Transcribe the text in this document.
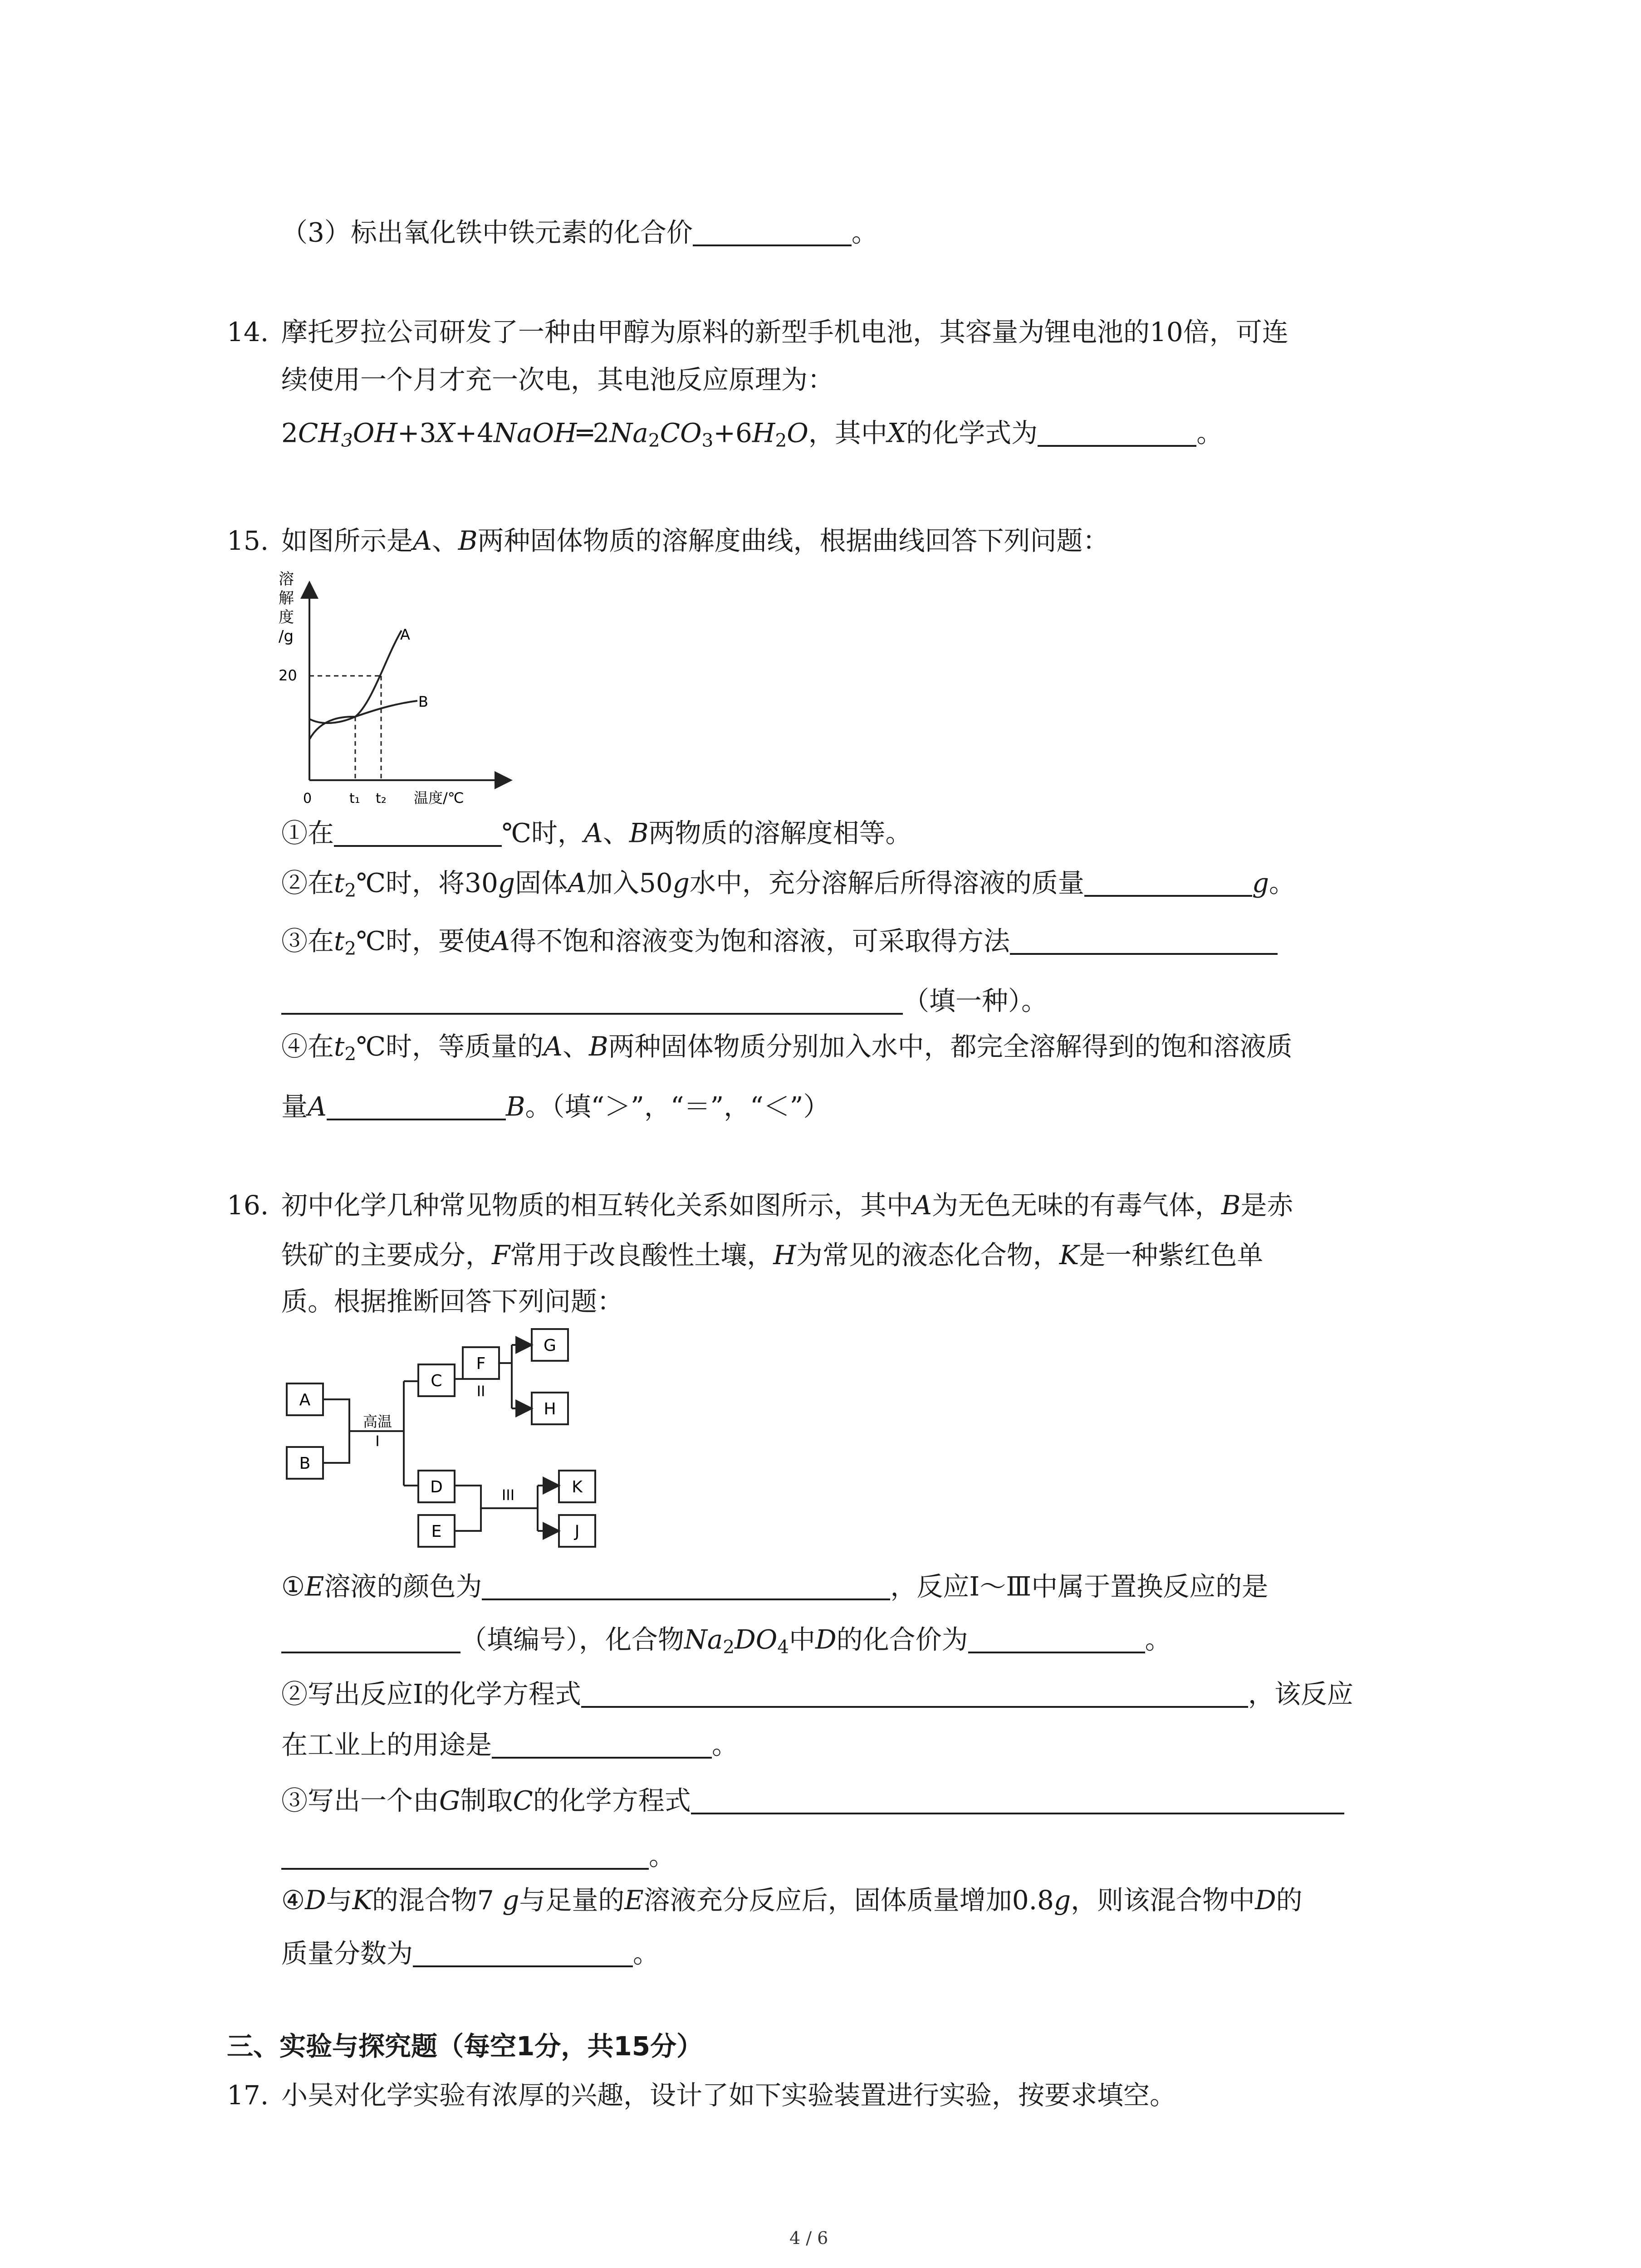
（3）标出氧化铁中铁元素的化合价	。
14. 摩托罗拉公司研发了一种由甲醇为原料的新型手机电池，其容量为锂电池的10倍，可连
续使用一个月才充一次电，其电池反应原理为：
$2CH_3OH+3X+4NaOH═2Na_2CO_3+6H_2O$，其中X的化学式为	。
15. 如图所示是A、B两种固体物质的溶解度曲线，根据曲线回答下列问题：
溶
解
度
/g
20
A
B
0	t₁ t₂ 温度/℃
①在	℃时，A、B两物质的溶解度相等。
②在$t_2℃$时，将30g固体A加入50g水中，充分溶解后所得溶液的质量	g。
③在$t_2℃$时，要使A得不饱和溶液变为饱和溶液，可采取得方法
（填一种）。
④在$t_2℃$时，等质量的A、B两种固体物质分别加入水中，都完全溶解得到的饱和溶液质
量A	B。（填“＞”，“＝”，“＜”）
16. 初中化学几种常见物质的相互转化关系如图所示，其中A为无色无味的有毒气体，B是赤
铁矿的主要成分，F常用于改良酸性土壤，H为常见的液态化合物，K是一种紫红色单
质。根据推断回答下列问题：
A
B
C
F
G
H
D
E
K
J
高温
I
II
III
①E溶液的颜色为	，反应Ⅰ～Ⅲ中属于置换反应的是
（填编号），化合物$Na_2DO_4$中D的化合价为	。
②写出反应Ⅰ的化学方程式	，该反应
在工业上的用途是	。
③写出一个由G制取C的化学方程式
。
④D与K的混合物7 g与足量的E溶液充分反应后，固体质量增加0.8g，则该混合物中D的
质量分数为	。
三、实验与探究题（每空1分，共15分）
17. 小吴对化学实验有浓厚的兴趣，设计了如下实验装置进行实验，按要求填空。
4 / 6
